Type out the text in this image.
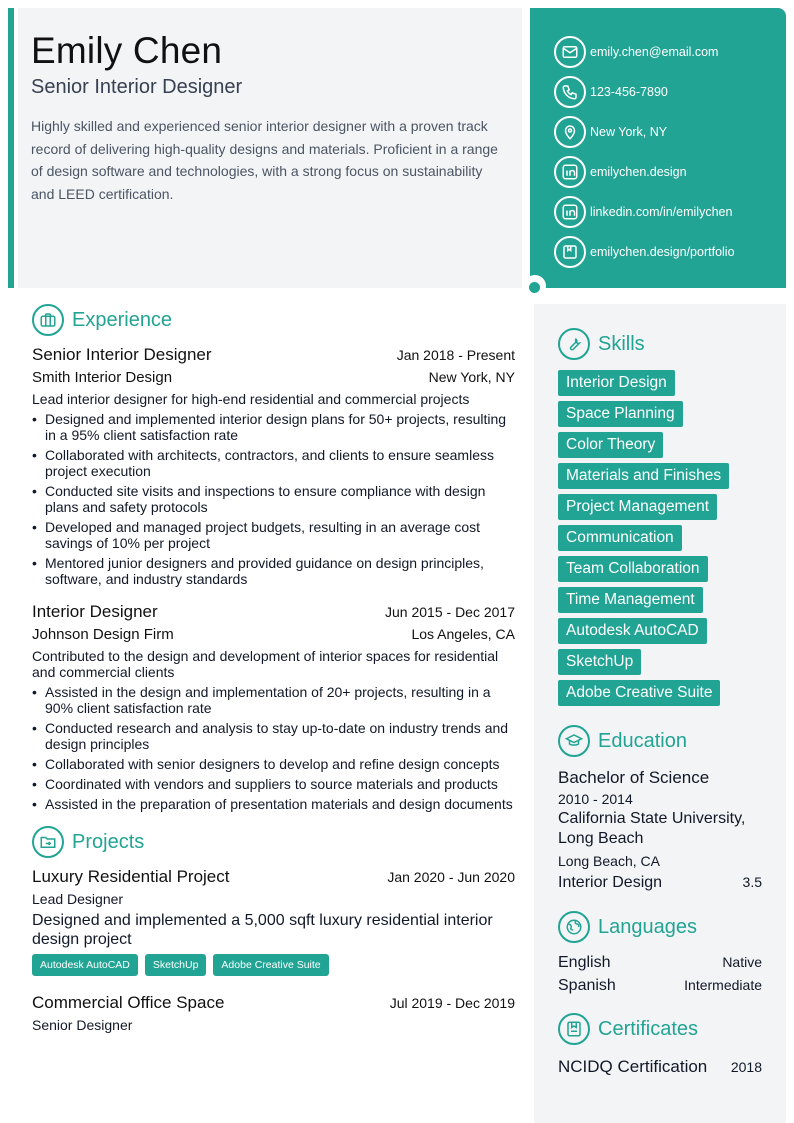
Emily Chen
Senior Interior Designer
Highly skilled and experienced senior interior designer with a proven track record of delivering high-quality designs and materials. Proficient in a range of design software and technologies, with a strong focus on sustainability and LEED certification.
emily.chen@email.com
123-456-7890
New York, NY
emilychen.design
linkedin.com/in/emilychen
emilychen.design/portfolio
Experience
Senior Interior Designer	Jan 2018 - Present
Smith Interior Design	New York, NY
Lead interior designer for high-end residential and commercial projects
• Designed and implemented interior design plans for 50+ projects, resulting in a 95% client satisfaction rate
• Collaborated with architects, contractors, and clients to ensure seamless project execution
• Conducted site visits and inspections to ensure compliance with design plans and safety protocols
• Developed and managed project budgets, resulting in an average cost savings of 10% per project
• Mentored junior designers and provided guidance on design principles, software, and industry standards
Interior Designer	Jun 2015 - Dec 2017
Johnson Design Firm	Los Angeles, CA
Contributed to the design and development of interior spaces for residential and commercial clients
• Assisted in the design and implementation of 20+ projects, resulting in a 90% client satisfaction rate
• Conducted research and analysis to stay up-to-date on industry trends and design principles
• Collaborated with senior designers to develop and refine design concepts
• Coordinated with vendors and suppliers to source materials and products
• Assisted in the preparation of presentation materials and design documents
Projects
Luxury Residential Project	Jan 2020 - Jun 2020
Lead Designer
Designed and implemented a 5,000 sqft luxury residential interior design project
Autodesk AutoCAD	SketchUp	Adobe Creative Suite
Commercial Office Space	Jul 2019 - Dec 2019
Senior Designer
Skills
Interior Design
Space Planning
Color Theory
Materials and Finishes
Project Management
Communication
Team Collaboration
Time Management
Autodesk AutoCAD
SketchUp
Adobe Creative Suite
Education
Bachelor of Science
2010 - 2014
California State University, Long Beach
Long Beach, CA
Interior Design	3.5
Languages
English	Native
Spanish	Intermediate
Certificates
NCIDQ Certification 2018
